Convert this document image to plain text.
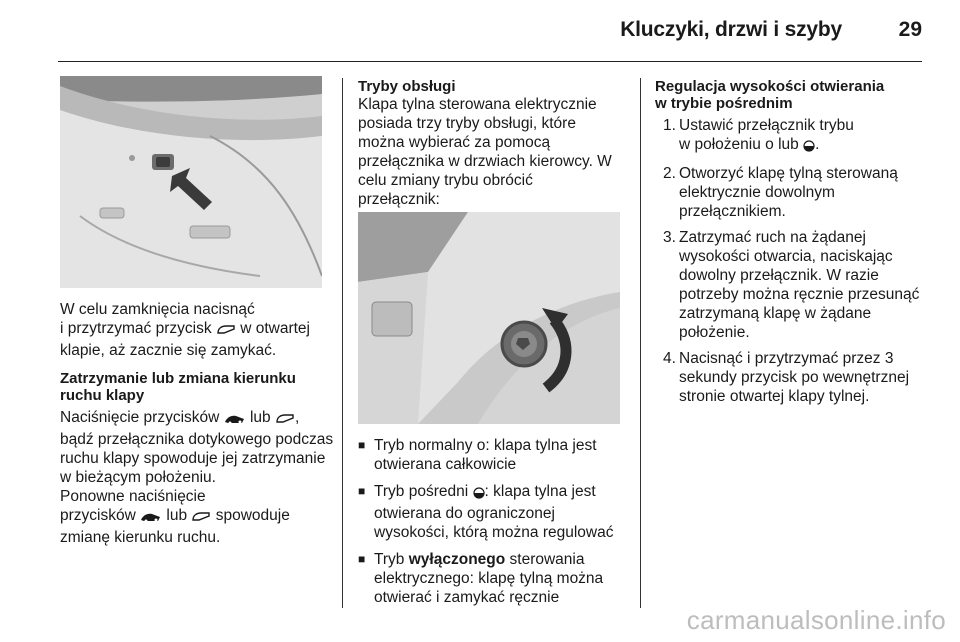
Kluczyki, drzwi i szyby	29

W celu zamknięcia nacisnąć
i przytrzymać przycisk w otwartej
klapie, aż zacznie się zamykać.

Zatrzymanie lub zmiana kierunku ruchu klapy

Naciśnięcie przycisków lub , bądź przełącznika dotykowego podczas ruchu klapy spowoduje jej zatrzymanie w bieżącym położeniu.
Ponowne naciśnięcie
przycisków lub spowoduje
zmianę kierunku ruchu.

Tryby obsługi

Klapa tylna sterowana elektrycznie posiada trzy tryby obsługi, które można wybierać za pomocą przełącznika w drzwiach kierowcy. W celu zmiany trybu obrócić przełącznik:

■ Tryb normalny o: klapa tylna jest otwierana całkowicie
■ Tryb pośredni : klapa tylna jest otwierana do ograniczonej wysokości, którą można regulować
■ Tryb wyłączonego sterowania elektrycznego: klapę tylną można otwierać i zamykać ręcznie

Regulacja wysokości otwierania w trybie pośrednim

1. Ustawić przełącznik trybu
w położeniu o lub .
2. Otworzyć klapę tylną sterowaną elektrycznie dowolnym przełącznikiem.
3. Zatrzymać ruch na żądanej wysokości otwarcia, naciskając dowolny przełącznik. W razie potrzeby można ręcznie przesunąć zatrzymaną klapę w żądane położenie.
4. Nacisnąć i przytrzymać przez 3 sekundy przycisk po wewnętrznej stronie otwartej klapy tylnej.
carmanualsonline.info
